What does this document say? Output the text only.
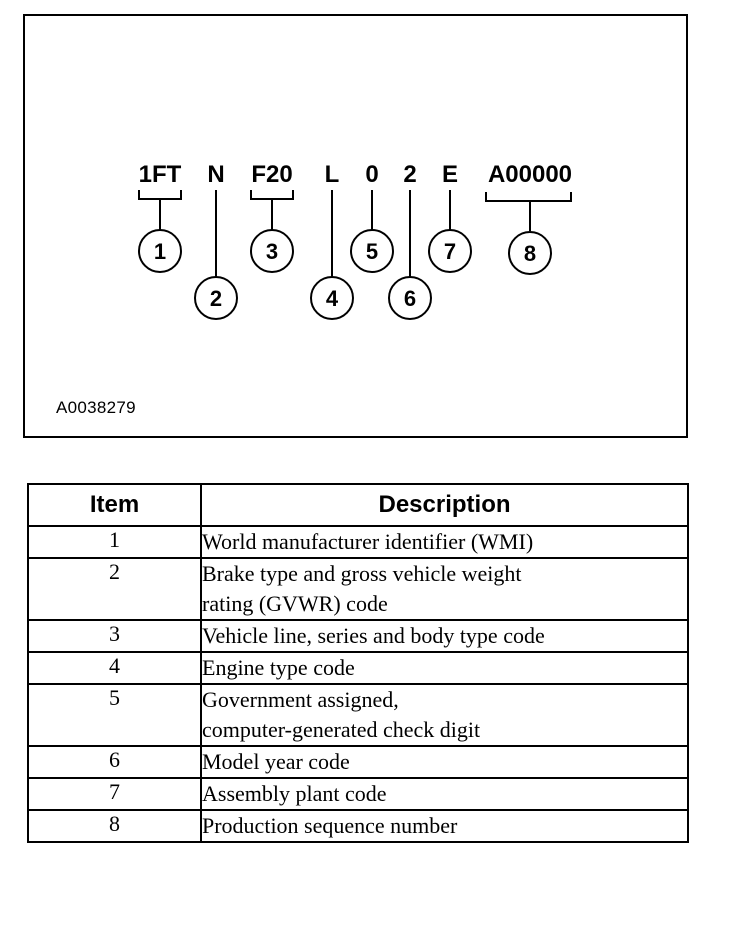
1FT N F20 L 0 2 E A00000
1
2
3
4
5
6
7	8
A0038279
Item	Description
1	World manufacturer identifier (WMI)

2	Brake type and gross vehicle weight
rating (GVWR) code

3	Vehicle line, series and body type code

4	Engine type code

5	Government assigned,
computer-generated check digit

6	Model year code

7	Assembly plant code

8	Production sequence number
